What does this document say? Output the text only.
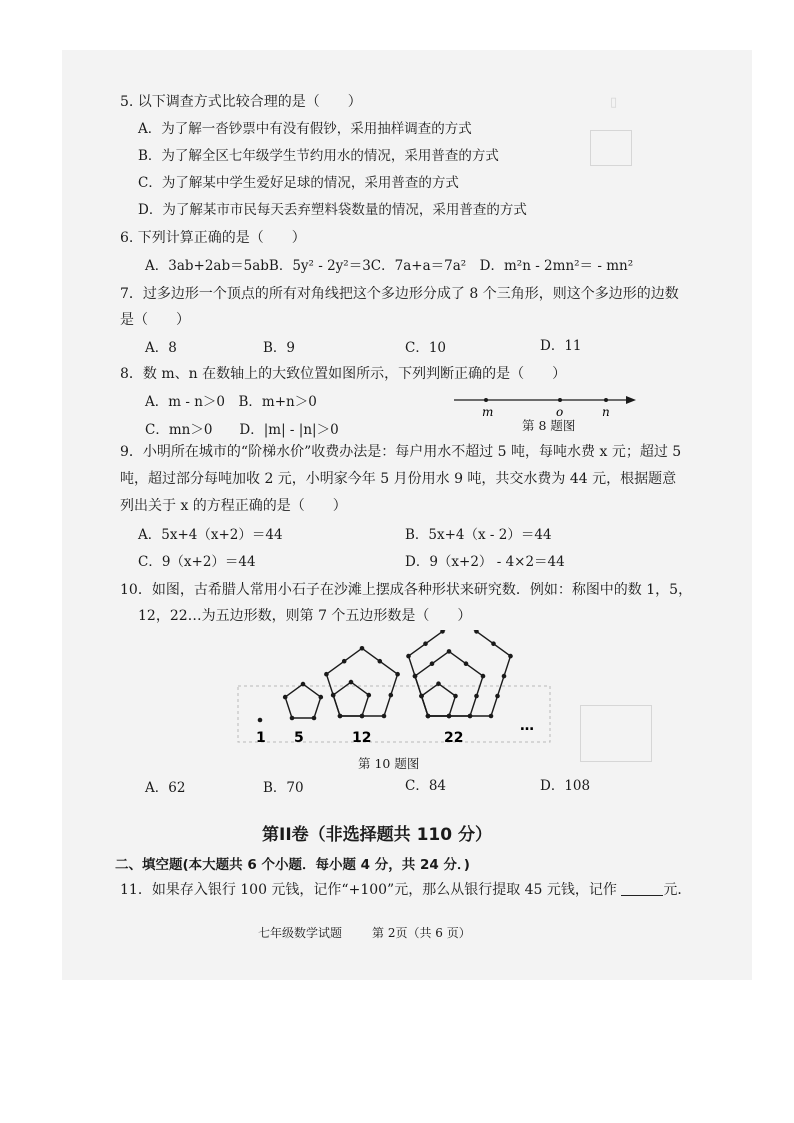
▯
5. 以下调查方式比较合理的是（　　）
A．为了解一沓钞票中有没有假钞，采用抽样调查的方式
B．为了解全区七年级学生节约用水的情况，采用普查的方式
C．为了解某中学生爱好足球的情况，采用普查的方式
D．为了解某市市民每天丢弃塑料袋数量的情况，采用普查的方式
6. 下列计算正确的是（　　）
A．3ab+2ab＝5abB．5y² - 2y²＝3C．7a+a＝7a²　D．m²n - 2mn²＝ - mn²
7．过多边形一个顶点的所有对角线把这个多边形分成了 8 个三角形，则这个多边形的边数
是（　　）
A．8	B．9	C．10	D．11
8．数 m、n 在数轴上的大致位置如图所示，下列判断正确的是（　　）
A．m - n＞0　B．m+n＞0
C．mn＞0　　D．|m| - |n|＞0
m	o	n
第 8 题图
9．小明所在城市的“阶梯水价”收费办法是：每户用水不超过 5 吨，每吨水费 x 元；超过 5
吨，超过部分每吨加收 2 元，小明家今年 5 月份用水 9 吨，共交水费为 44 元，根据题意
列出关于 x 的方程正确的是（　　）
A．5x+4（x+2）＝44	B．5x+4（x - 2）＝44
C．9（x+2）＝44	D．9（x+2） - 4×2＝44
10．如图，古希腊人常用小石子在沙滩上摆成各种形状来研究数．例如：称图中的数 1，5，
12，22…为五边形数，则第 7 个五边形数是（　　）
1 5	12	22
…
第 10 题图
A．62	B．70	C．84	D．108
第II卷（非选择题共 110 分）
二、填空题(本大题共 6 个小题．每小题 4 分，共 24 分．)
11．如果存入银行 100 元钱，记作“+100”元，那么从银行提取 45 元钱，记作	元．
七年级数学试题 第 2页（共 6 页）
